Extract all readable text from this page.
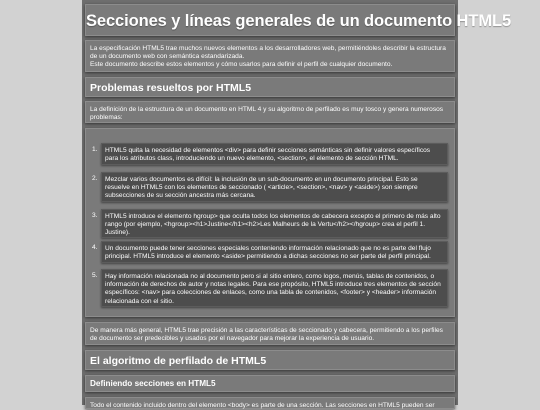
Secciones y líneas generales de un documento HTML5
La especificación HTML5 trae muchos nuevos elementos a los desarrolladores web, permitiéndoles describir la estructura de un documento web con semántica estandarizada.
Este documento describe estos elementos y cómo usarlos para definir el perfil de cualquier documento.
Problemas resueltos por HTML5
La definición de la estructura de un documento en HTML 4 y su algoritmo de perfilado es muy tosco y genera numerosos problemas:
1.	HTML5 quita la necesidad de elementos <div> para definir secciones semánticas sin definir valores específicos para los atributos class, introduciendo un nuevo elemento, <section>, el elemento de sección HTML.
2.	Mezclar varios documentos es difícil: la inclusión de un sub-documento en un documento principal. Esto se resuelve en HTML5 con los elementos de seccionado ( <article>, <section>, <nav> y <aside>) son siempre subsecciones de su sección ancestra más cercana.
3.	HTML5 introduce el elemento hgroup> que oculta todos los elementos de cabecera excepto el primero de más alto rango (por ejemplo, <hgroup><h1>Justine</h1><h2>Les Malheurs de la Vertu</h2></hgroup> crea el perfil 1. Justine).
4.	Un documento puede tener secciones especiales conteniendo información relacionado que no es parte del flujo principal. HTML5 introduce el elemento <aside> permitiendo a dichas secciones no ser parte del perfil principal.
5.	Hay información relacionada no al documento pero si al sitio entero, como logos, menús, tablas de contenidos, o información de derechos de autor y notas legales. Para ese propósito, HTML5 introduce tres elementos de sección específicos: <nav> para colecciones de enlaces, como una tabla de contenidos, <footer> y <header> información relacionada con el sitio.
De manera más general, HTML5 trae precisión a las características de seccionado y cabecera, permitiendo a los perfiles de documento ser predecibles y usados por el navegador para mejorar la experiencia de usuario.
El algoritmo de perfilado de HTML5
Definiendo secciones en HTML5
Todo el contenido incluido dentro del elemento <body> es parte de una sección. Las secciones en HTML5 pueden ser
